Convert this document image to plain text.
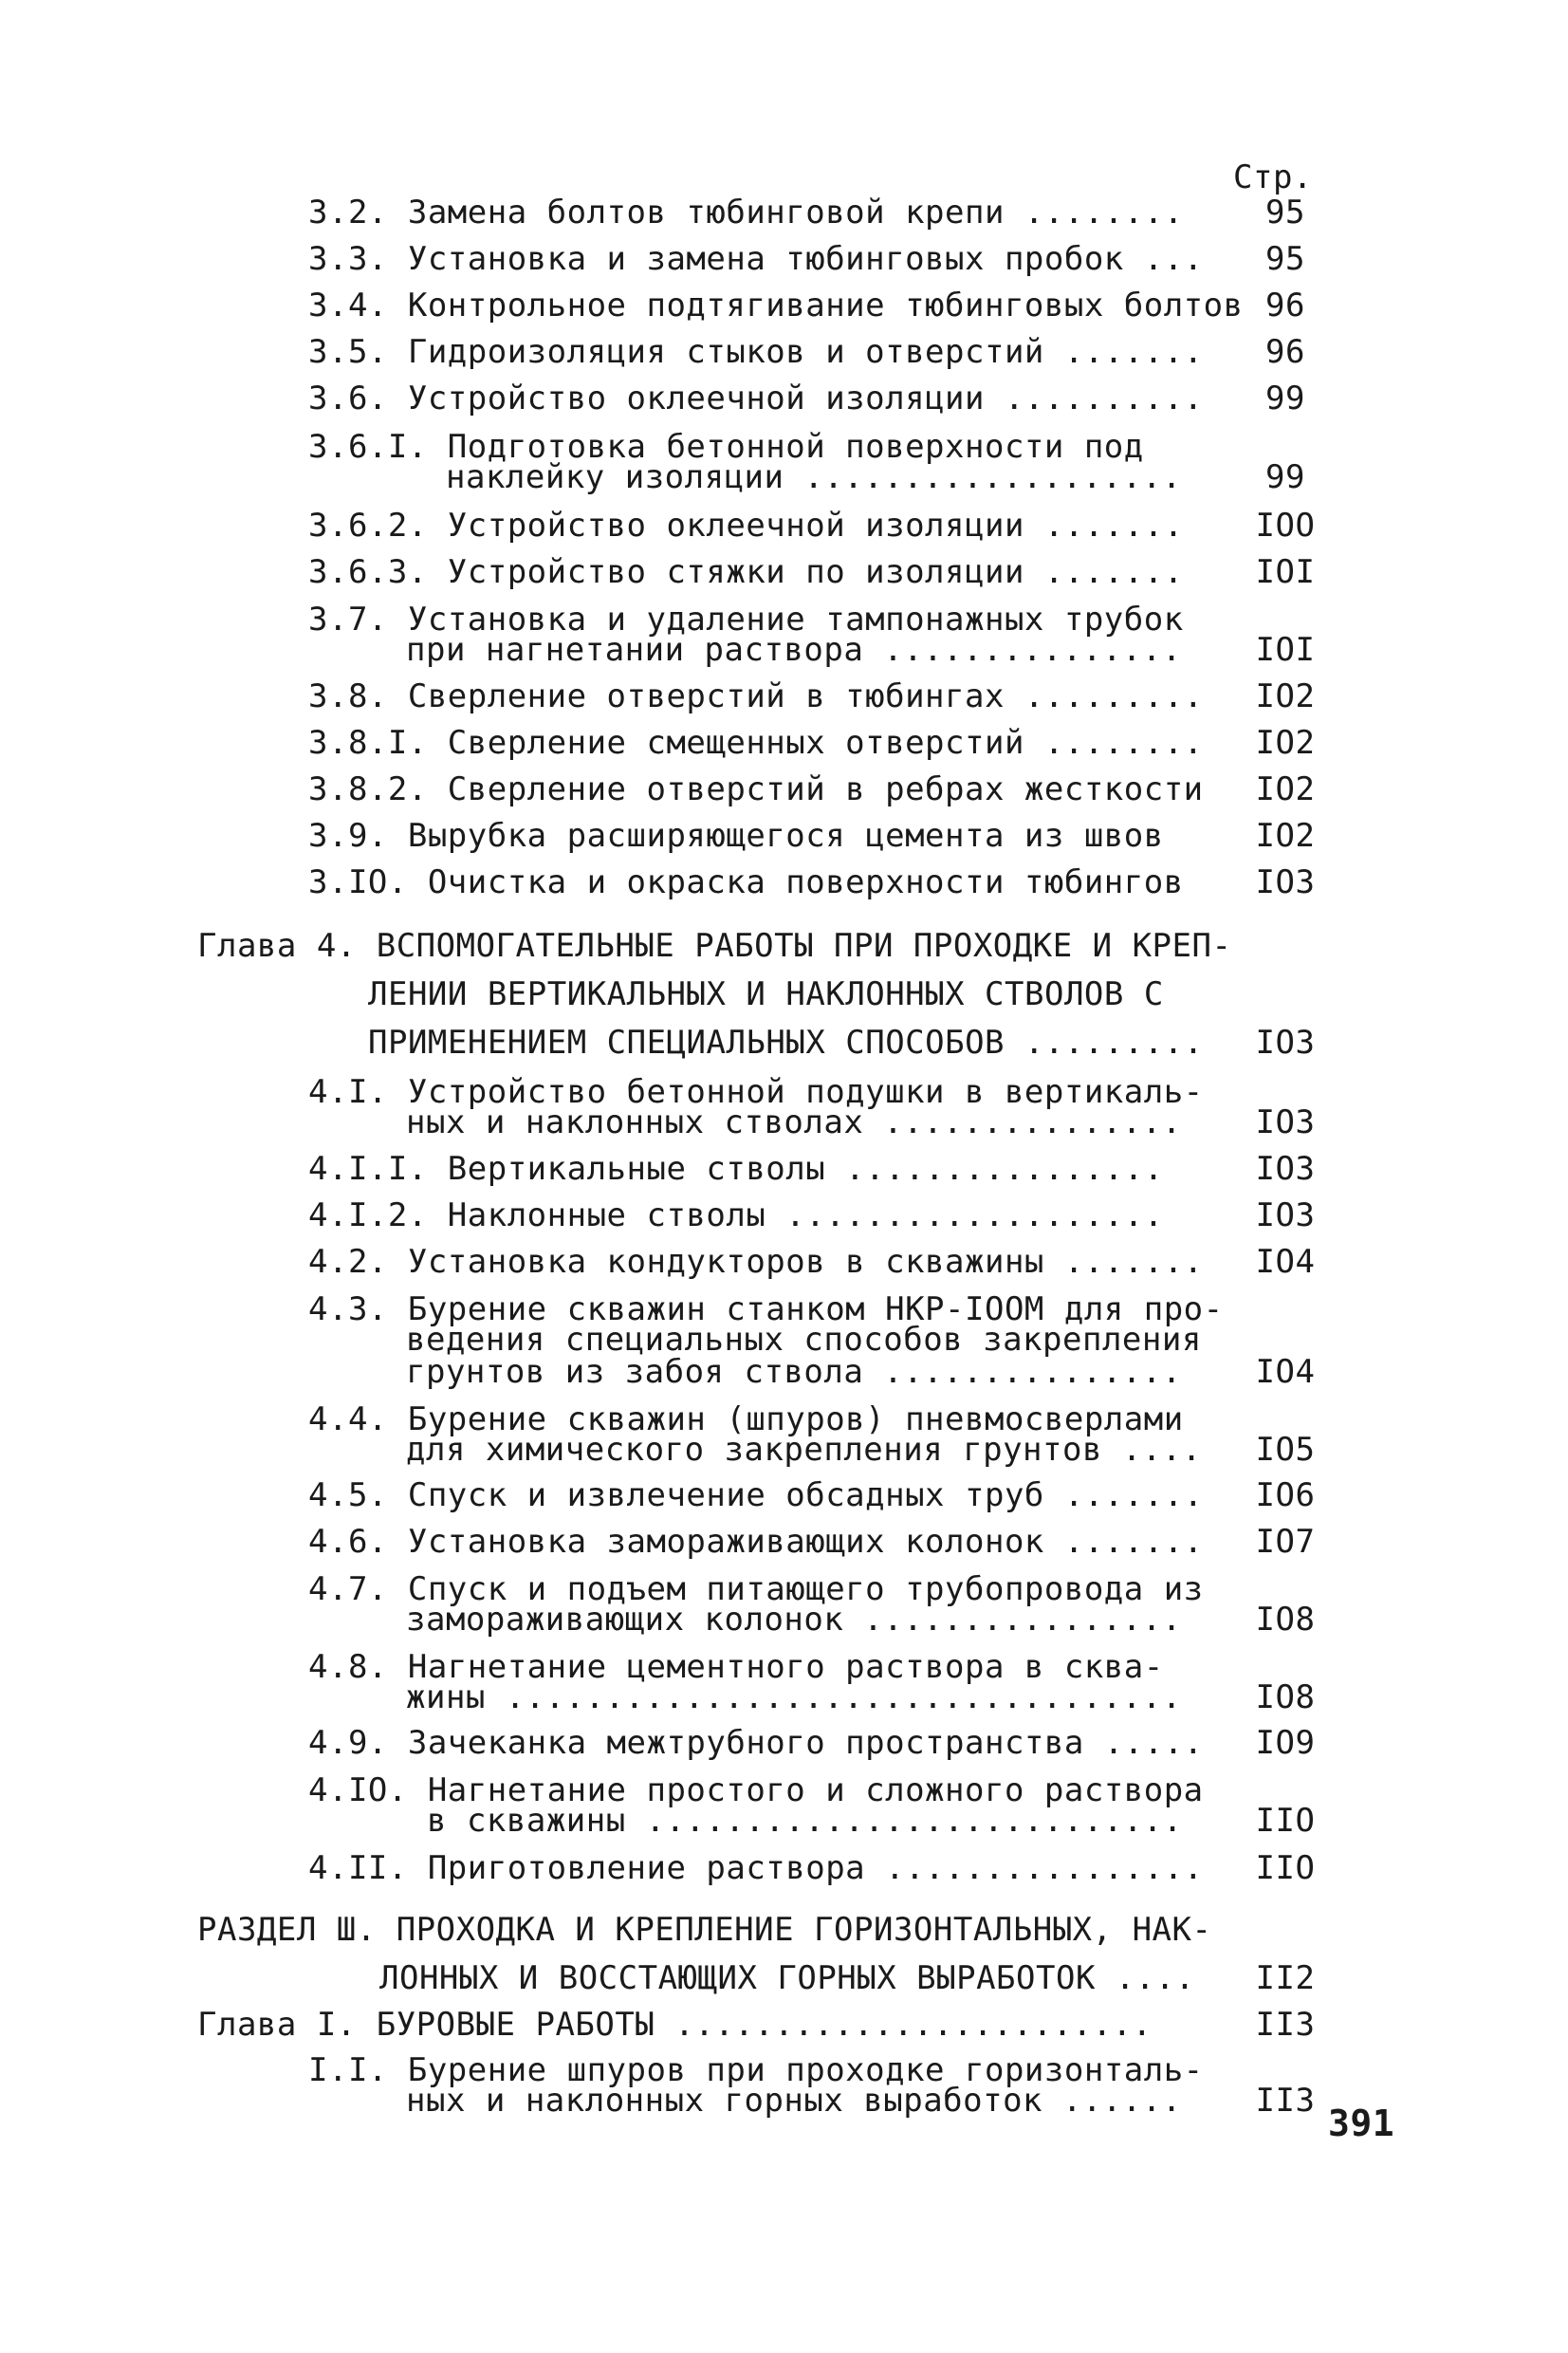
Стр.
3.2. Замена болтов тюбинговой крепи ........	95
3.3. Установка и замена тюбинговых пробок ...	95
3.4. Контрольное подтягивание тюбинговых болтов 96
3.5. Гидроизоляция стыков и отверстий .......	96
3.6. Устройство оклеечной изоляции ..........	99
3.6.I. Подготовка бетонной поверхности под
наклейку изоляции ...................	99
3.6.2. Устройство оклеечной изоляции ....... IOO
3.6.3. Устройство стяжки по изоляции ....... IOI
3.7. Установка и удаление тампонажных трубок
при нагнетании раствора ............... IOI
3.8. Сверление отверстий в тюбингах ......... IO2
3.8.I. Сверление смещенных отверстий ........ IO2
3.8.2. Сверление отверстий в ребрах жесткости IO2
3.9. Вырубка расширяющегося цемента из швов	IO2
3.IO. Очистка и окраска поверхности тюбингов IO3
Глава 4. ВСПОМОГАТЕЛЬНЫЕ РАБОТЫ ПРИ ПРОХОДКЕ И КРЕП-
ЛЕНИИ ВЕРТИКАЛЬНЫХ И НАКЛОННЫХ СТВОЛОВ С
ПРИМЕНЕНИЕМ СПЕЦИАЛЬНЫХ СПОСОБОВ ......... IO3
4.I. Устройство бетонной подушки в вертикаль-
ных и наклонных стволах ............... IO3
4.I.I. Вертикальные стволы ................	IO3
4.I.2. Наклонные стволы ...................	IO3
4.2. Установка кондукторов в скважины ....... IO4
4.3. Бурение скважин станком НКР-IOOМ для про-
ведения специальных способов закрепления
грунтов из забоя ствола ............... IO4
4.4. Бурение скважин (шпуров) пневмосверлами
для химического закрепления грунтов .... IO5
4.5. Спуск и извлечение обсадных труб ....... IO6
4.6. Установка замораживающих колонок ....... IO7
4.7. Спуск и подъем питающего трубопровода из
замораживающих колонок ................ IO8
4.8. Нагнетание цементного раствора в сква-
жины .................................. IO8
4.9. Зачеканка межтрубного пространства ..... IO9
4.IO. Нагнетание простого и сложного раствора
в скважины ........................... IIO
4.II. Приготовление раствора ................ IIO
РАЗДЕЛ Ш. ПРОХОДКА И КРЕПЛЕНИЕ ГОРИЗОНТАЛЬНЫХ, НАК-
ЛОННЫХ И ВОССТАЮЩИХ ГОРНЫХ ВЫРАБОТОК .... II2
Глава I. БУРОВЫЕ РАБОТЫ ........................	II3
I.I. Бурение шпуров при проходке горизонталь-
ных и наклонных горных выработок ...... II3
391
